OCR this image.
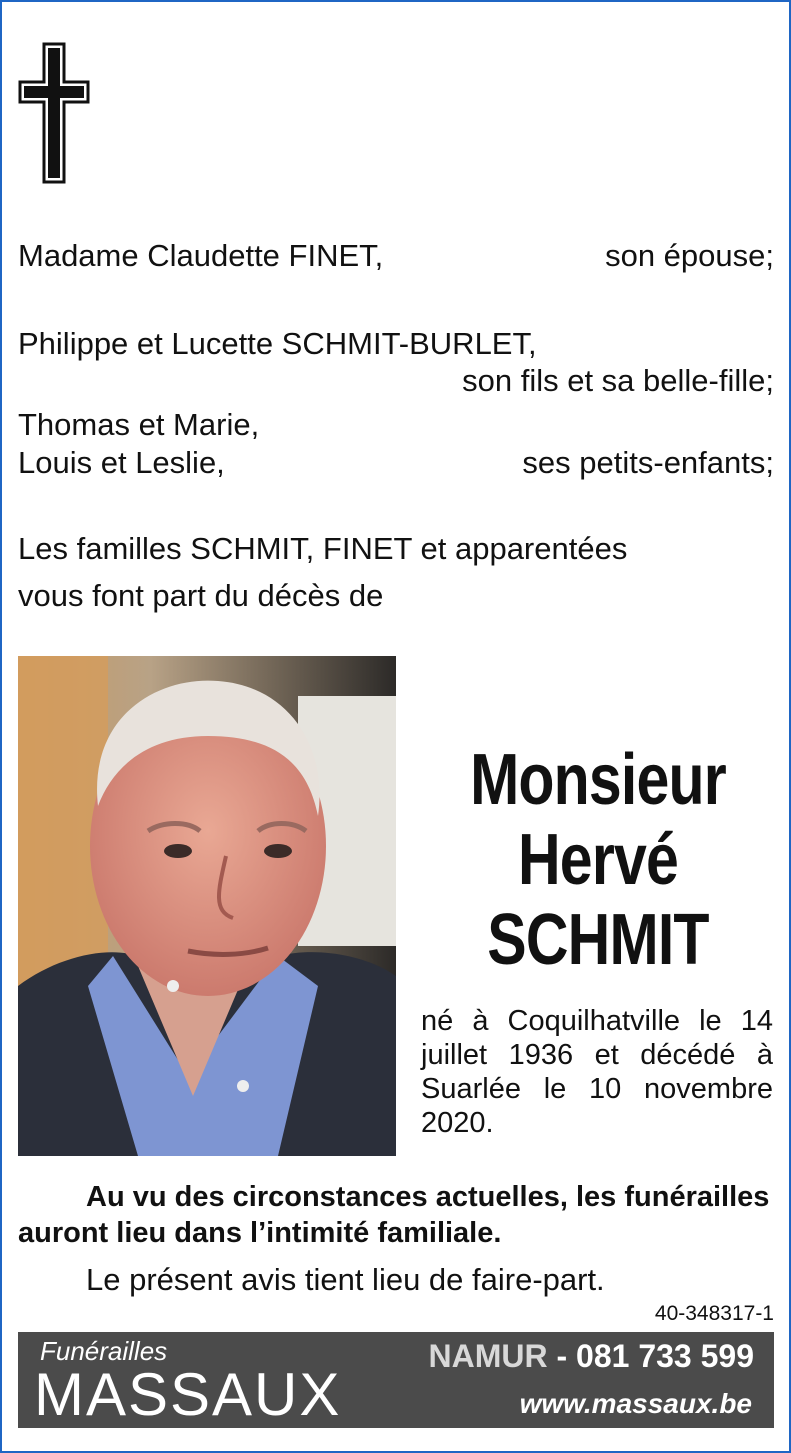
Madame Claudette FINET,	son épouse;
Philippe et Lucette SCHMIT-BURLET,
son fils et sa belle-fille;
Thomas et Marie,
Louis et Leslie,	ses petits-enfants;
Les familles SCHMIT, FINET et apparentées
vous font part du décès de
Monsieur
Hervé
SCHMIT
né à Coquilhatville le 14 juillet 1936 et décédé à Suarlée le 10 novembre 2020.
Au vu des circonstances actuelles, les funérailles
auront lieu dans l’intimité familiale.
Le présent avis tient lieu de faire-part.
40-348317-1
Funérailles
MASSAUX
NAMUR - 081 733 599
www.massaux.be
